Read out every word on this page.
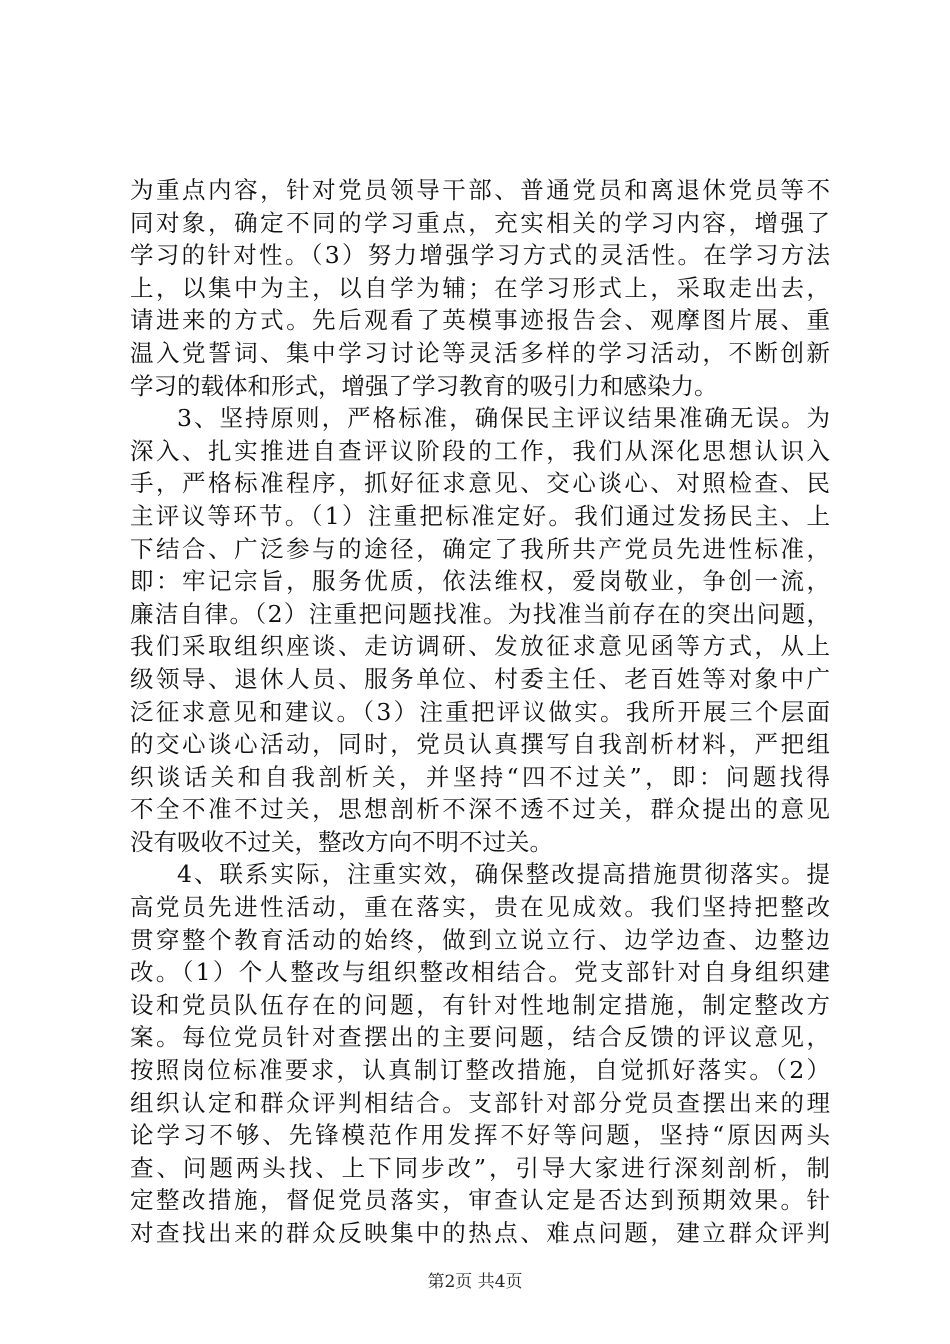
为重点内容，针对党员领导干部、普通党员和离退休党员等不
同对象，确定不同的学习重点，充实相关的学习内容，增强了
学习的针对性。（3）努力增强学习方式的灵活性。在学习方法
上，以集中为主，以自学为辅；在学习形式上，采取走出去，
请进来的方式。先后观看了英模事迹报告会、观摩图片展、重
温入党誓词、集中学习讨论等灵活多样的学习活动，不断创新
学习的载体和形式，增强了学习教育的吸引力和感染力。
3、坚持原则，严格标准，确保民主评议结果准确无误。为
深入、扎实推进自查评议阶段的工作，我们从深化思想认识入
手，严格标准程序，抓好征求意见、交心谈心、对照检查、民
主评议等环节。（1）注重把标准定好。我们通过发扬民主、上
下结合、广泛参与的途径，确定了我所共产党员先进性标准，
即：牢记宗旨，服务优质，依法维权，爱岗敬业，争创一流，
廉洁自律。（2）注重把问题找准。为找准当前存在的突出问题，
我们采取组织座谈、走访调研、发放征求意见函等方式，从上
级领导、退休人员、服务单位、村委主任、老百姓等对象中广
泛征求意见和建议。（3）注重把评议做实。我所开展三个层面
的交心谈心活动，同时，党员认真撰写自我剖析材料，严把组
织谈话关和自我剖析关，并坚持“四不过关”，即：问题找得
不全不准不过关，思想剖析不深不透不过关，群众提出的意见
没有吸收不过关，整改方向不明不过关。
4、联系实际，注重实效，确保整改提高措施贯彻落实。提
高党员先进性活动，重在落实，贵在见成效。我们坚持把整改
贯穿整个教育活动的始终，做到立说立行、边学边查、边整边
改。（1）个人整改与组织整改相结合。党支部针对自身组织建
设和党员队伍存在的问题，有针对性地制定措施，制定整改方
案。每位党员针对查摆出的主要问题，结合反馈的评议意见，
按照岗位标准要求，认真制订整改措施，自觉抓好落实。（2）
组织认定和群众评判相结合。支部针对部分党员查摆出来的理
论学习不够、先锋模范作用发挥不好等问题，坚持“原因两头
查、问题两头找、上下同步改”，引导大家进行深刻剖析，制
定整改措施，督促党员落实，审查认定是否达到预期效果。针
对查找出来的群众反映集中的热点、难点问题，建立群众评判
第2页 共4页
